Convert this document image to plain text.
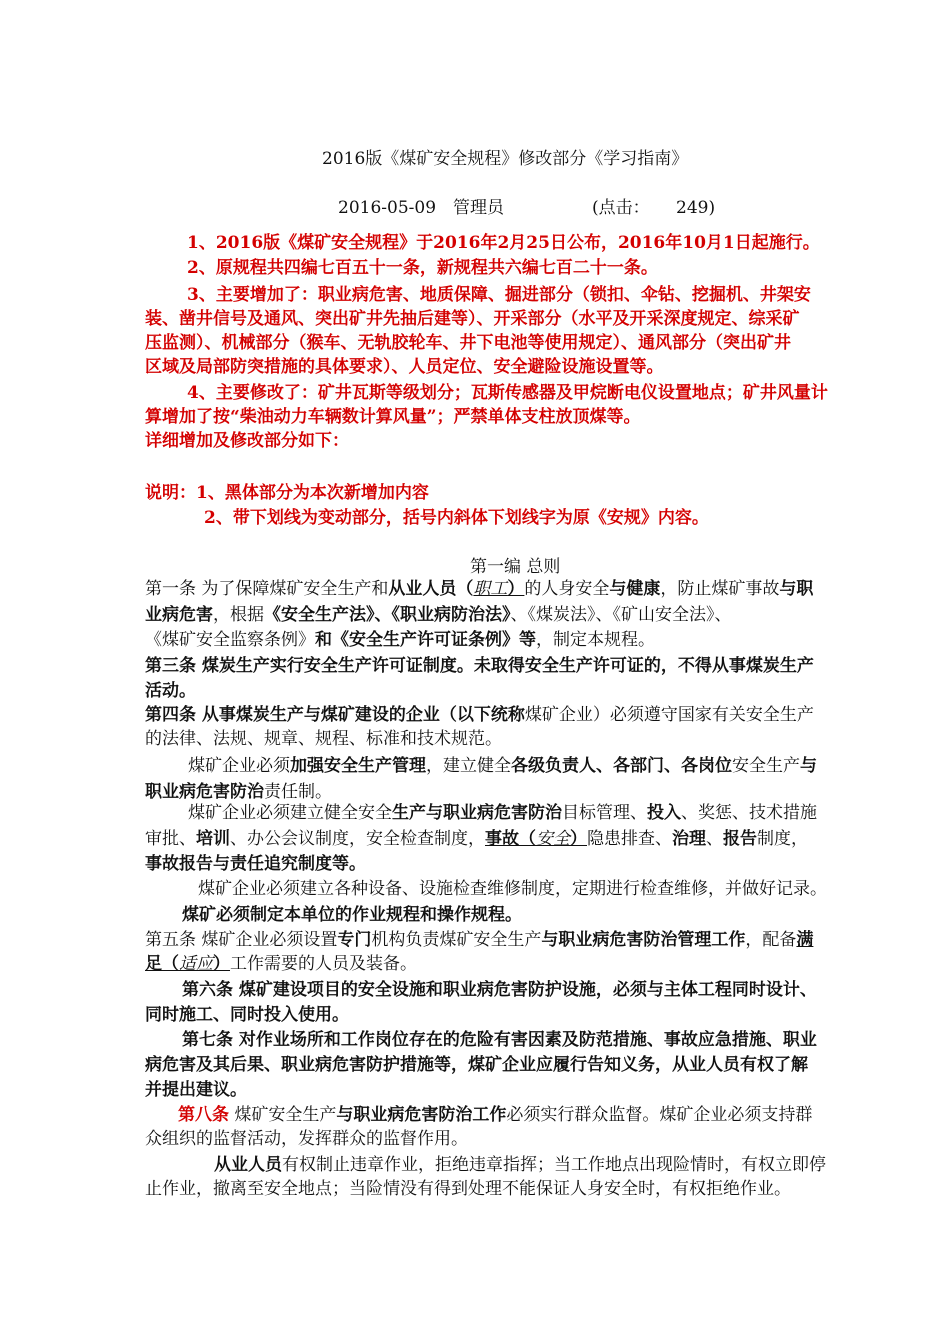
2016版《煤矿安全规程》修改部分《学习指南》
2016-05-09 管理员	(点击： 249)
1、2016版《煤矿安全规程》于2016年2月25日公布，2016年10月1日起施行。
2、原规程共四编七百五十一条，新规程共六编七百二十一条。
3、主要增加了：职业病危害、地质保障、掘进部分（锁扣、伞钻、挖掘机、井架安
装、凿井信号及通风、突出矿井先抽后建等）、开采部分（水平及开采深度规定、综采矿
压监测）、机械部分（猴车、无轨胶轮车、井下电池等使用规定）、通风部分（突出矿井
区域及局部防突措施的具体要求）、人员定位、安全避险设施设置等。
4、主要修改了：矿井瓦斯等级划分；瓦斯传感器及甲烷断电仪设置地点；矿井风量计
算增加了按“柴油动力车辆数计算风量”；严禁单体支柱放顶煤等。
详细增加及修改部分如下：
说明：1、黑体部分为本次新增加内容
2、带下划线为变动部分，括号内斜体下划线字为原《安规》内容。
第一编 总则
第一条 为了保障煤矿安全生产和从业人员（职工）的人身安全与健康，防止煤矿事故与职
业病危害，根据《安全生产法》、《职业病防治法》、《煤炭法》、《矿山安全法》、
《煤矿安全监察条例》和《安全生产许可证条例》等，制定本规程。
第三条 煤炭生产实行安全生产许可证制度。未取得安全生产许可证的，不得从事煤炭生产
活动。
第四条 从事煤炭生产与煤矿建设的企业（以下统称煤矿企业）必须遵守国家有关安全生产
的法律、法规、规章、规程、标准和技术规范。
煤矿企业必须加强安全生产管理，建立健全各级负责人、各部门、各岗位安全生产与
职业病危害防治责任制。
煤矿企业必须建立健全安全生产与职业病危害防治目标管理、投入、奖惩、技术措施
审批、培训、办公会议制度，安全检查制度，事故（安全）隐患排查、治理、报告制度，
事故报告与责任追究制度等。
煤矿企业必须建立各种设备、设施检查维修制度，定期进行检查维修，并做好记录。
煤矿必须制定本单位的作业规程和操作规程。
第五条 煤矿企业必须设置专门机构负责煤矿安全生产与职业病危害防治管理工作，配备满
足（适应）工作需要的人员及装备。
第六条 煤矿建设项目的安全设施和职业病危害防护设施，必须与主体工程同时设计、
同时施工、同时投入使用。
第七条 对作业场所和工作岗位存在的危险有害因素及防范措施、事故应急措施、职业
病危害及其后果、职业病危害防护措施等，煤矿企业应履行告知义务，从业人员有权了解
并提出建议。
第八条 煤矿安全生产与职业病危害防治工作必须实行群众监督。煤矿企业必须支持群
众组织的监督活动，发挥群众的监督作用。
从业人员有权制止违章作业，拒绝违章指挥；当工作地点出现险情时，有权立即停
止作业，撤离至安全地点；当险情没有得到处理不能保证人身安全时，有权拒绝作业。
